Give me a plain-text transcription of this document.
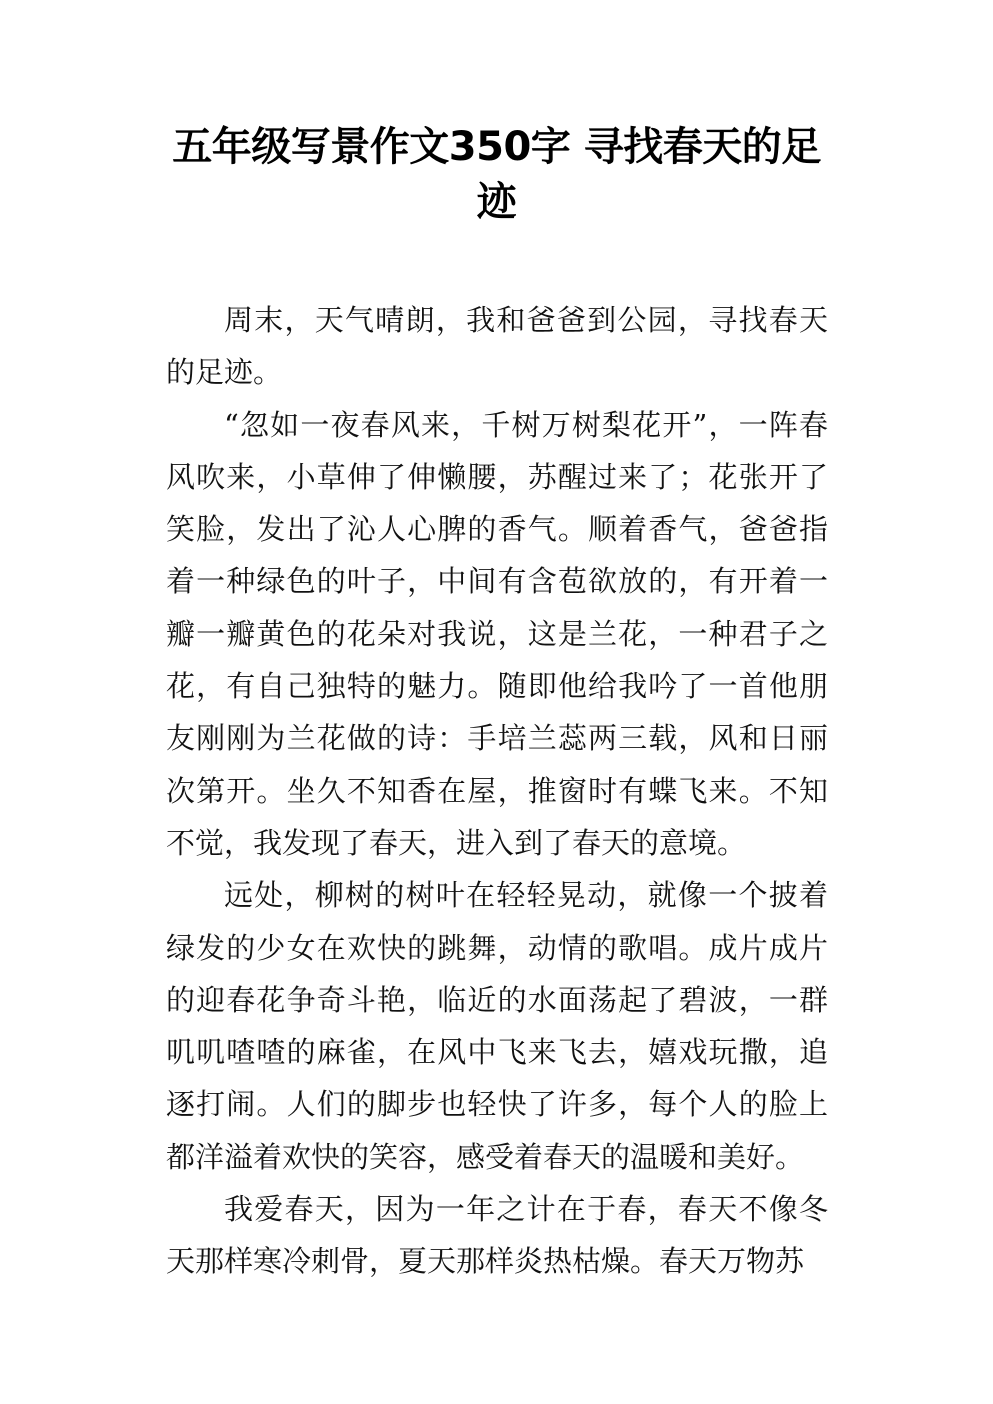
五年级写景作文350字 寻找春天的足迹

周末，天气晴朗，我和爸爸到公园，寻找春天的足迹。

“忽如一夜春风来，千树万树梨花开”，一阵春风吹来，小草伸了伸懒腰，苏醒过来了；花张开了笑脸，发出了沁人心脾的香气。顺着香气，爸爸指着一种绿色的叶子，中间有含苞欲放的，有开着一瓣一瓣黄色的花朵对我说，这是兰花，一种君子之花，有自己独特的魅力。随即他给我吟了一首他朋友刚刚为兰花做的诗：手培兰蕊两三载，风和日丽次第开。坐久不知香在屋，推窗时有蝶飞来。不知不觉，我发现了春天，进入到了春天的意境。

远处，柳树的树叶在轻轻晃动，就像一个披着绿发的少女在欢快的跳舞，动情的歌唱。成片成片的迎春花争奇斗艳，临近的水面荡起了碧波，一群叽叽喳喳的麻雀，在风中飞来飞去，嬉戏玩撒，追逐打闹。人们的脚步也轻快了许多，每个人的脸上都洋溢着欢快的笑容，感受着春天的温暖和美好。

我爱春天，因为一年之计在于春，春天不像冬天那样寒冷刺骨，夏天那样炎热枯燥。春天万物苏
